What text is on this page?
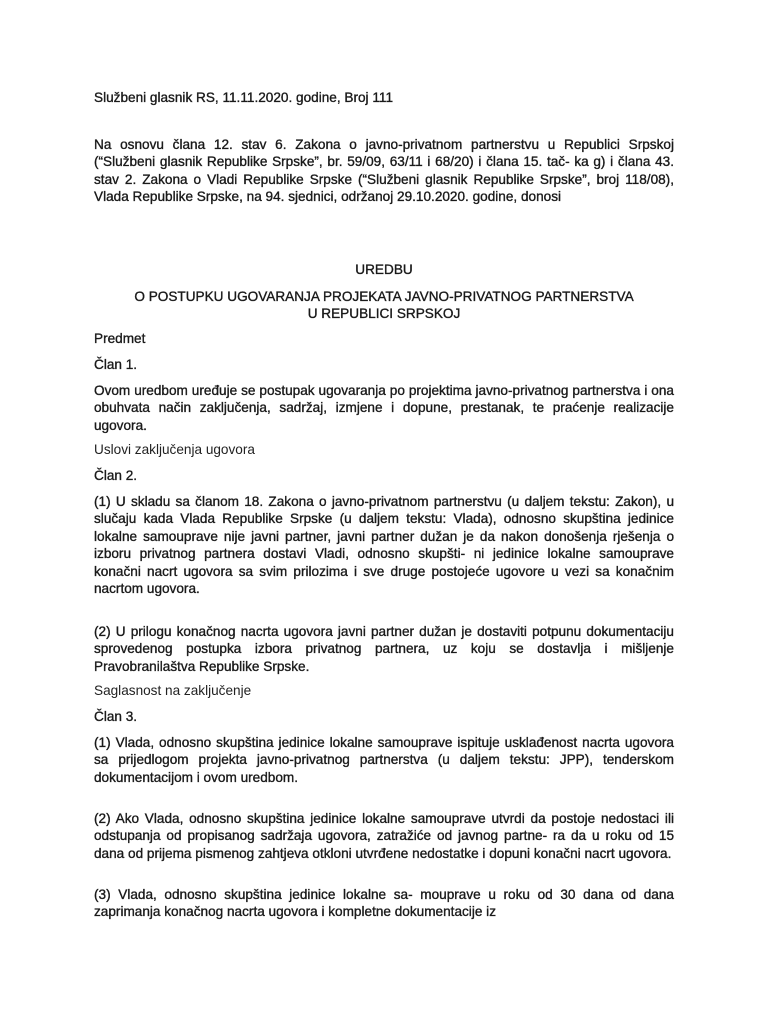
Službeni glasnik RS, 11.11.2020. godine, Broj 111

Na osnovu člana 12. stav 6. Zakona o javno-privatnom partnerstvu u Republici Srpskoj (“Službeni glasnik Republike Srpske”, br. 59/09, 63/11 i 68/20) i člana 15. tač- ka g) i člana 43. stav 2. Zakona o Vladi Republike Srpske (“Službeni glasnik Republike Srpske”, broj 118/08), Vlada Republike Srpske, na 94. sjednici, održanoj 29.10.2020. godine, donosi

UREDBU

O POSTUPKU UGOVARANJA PROJEKATA JAVNO-PRIVATNOG PARTNERSTVA
U REPUBLICI SRPSKOJ

Predmet

Član 1.

Ovom uredbom uređuje se postupak ugovaranja po projektima javno-privatnog partnerstva i ona obuhvata način zaključenja, sadržaj, izmjene i dopune, prestanak, te praćenje realizacije ugovora.

Uslovi zaključenja ugovora

Član 2.

(1) U skladu sa članom 18. Zakona o javno-privatnom partnerstvu (u daljem tekstu: Zakon), u slučaju kada Vlada Republike Srpske (u daljem tekstu: Vlada), odnosno skupština jedinice lokalne samouprave nije javni partner, javni partner dužan je da nakon donošenja rješenja o izboru privatnog partnera dostavi Vladi, odnosno skupšti- ni jedinice lokalne samouprave konačni nacrt ugovora sa svim prilozima i sve druge postojeće ugovore u vezi sa konačnim nacrtom ugovora.

(2) U prilogu konačnog nacrta ugovora javni partner dužan je dostaviti potpunu dokumentaciju sprovedenog postupka izbora privatnog partnera, uz koju se dostavlja i mišljenje Pravobranilaštva Republike Srpske.

Saglasnost na zaključenje

Član 3.

(1) Vlada, odnosno skupština jedinice lokalne samouprave ispituje usklađenost nacrta ugovora sa prijedlogom projekta javno-privatnog partnerstva (u daljem tekstu: JPP), tenderskom dokumentacijom i ovom uredbom.

(2) Ako Vlada, odnosno skupština jedinice lokalne samouprave utvrdi da postoje nedostaci ili odstupanja od propisanog sadržaja ugovora, zatražiće od javnog partne- ra da u roku od 15 dana od prijema pismenog zahtjeva otkloni utvrđene nedostatke i dopuni konačni nacrt ugovora.

(3) Vlada, odnosno skupština jedinice lokalne sa- mouprave u roku od 30 dana od dana zaprimanja konačnog nacrta ugovora i kompletne dokumentacije iz
